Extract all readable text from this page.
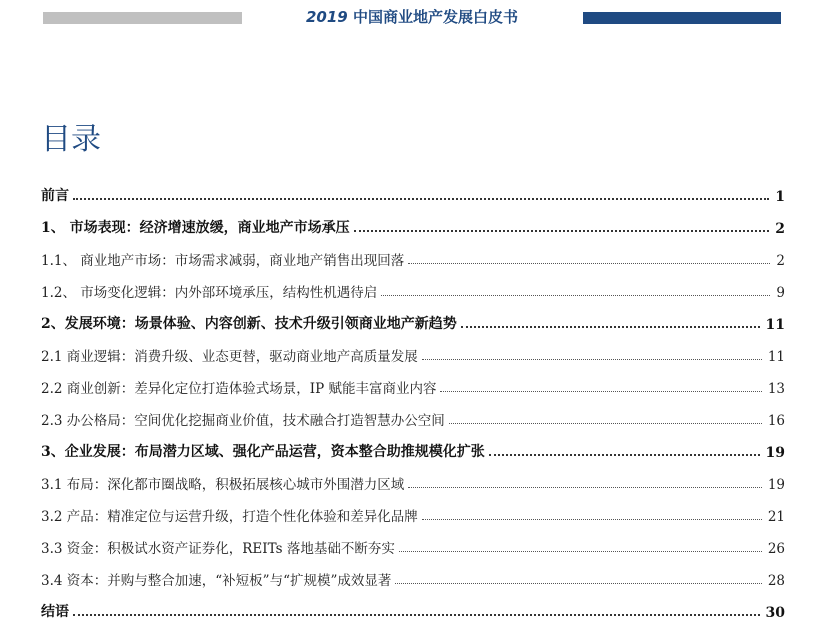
2019 中国商业地产发展白皮书
目录
前言	1
1、 市场表现：经济增速放缓，商业地产市场承压	2
1.1、 商业地产市场：市场需求减弱，商业地产销售出现回落	2
1.2、 市场变化逻辑：内外部环境承压，结构性机遇待启	9
2、发展环境：场景体验、内容创新、技术升级引领商业地产新趋势	11
2.1 商业逻辑：消费升级、业态更替，驱动商业地产高质量发展	11
2.2 商业创新：差异化定位打造体验式场景，IP 赋能丰富商业内容	13
2.3 办公格局：空间优化挖掘商业价值，技术融合打造智慧办公空间	16
3、企业发展：布局潜力区域、强化产品运营，资本整合助推规模化扩张	19
3.1 布局：深化都市圈战略，积极拓展核心城市外围潜力区域	19
3.2 产品：精准定位与运营升级，打造个性化体验和差异化品牌	21
3.3 资金：积极试水资产证券化，REITs 落地基础不断夯实	26
3.4 资本：并购与整合加速，“补短板”与“扩规模”成效显著	28
结语	30
